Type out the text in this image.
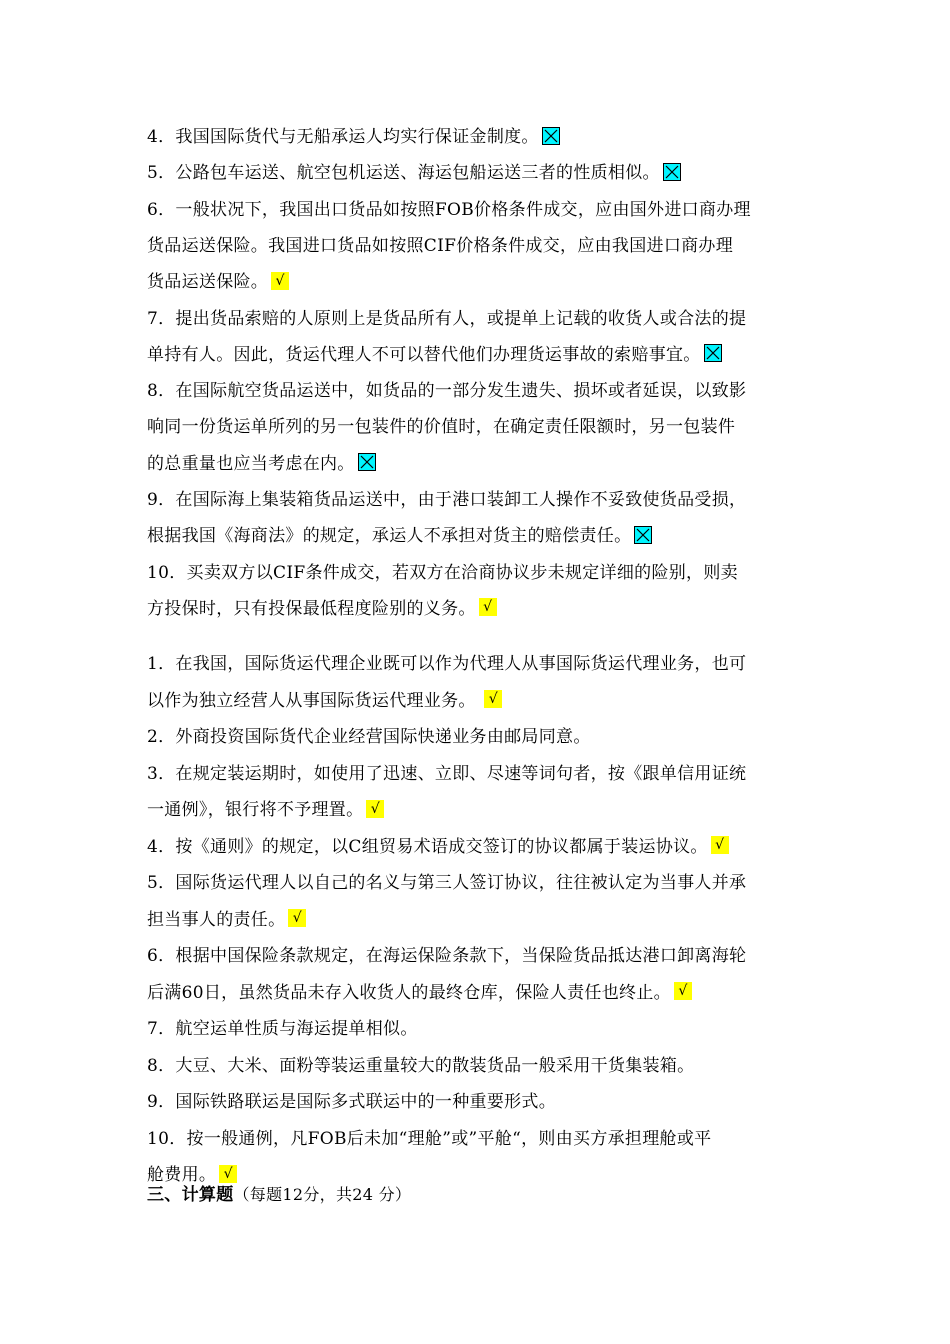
4．我国国际货代与无船承运人均实行保证金制度。
5．公路包车运送、航空包机运送、海运包船运送三者的性质相似。
6．一般状况下，我国出口货品如按照FOB价格条件成交，应由国外进口商办理
货品运送保险。我国进口货品如按照CIF价格条件成交，应由我国进口商办理
货品运送保险。 √
7．提出货品索赔的人原则上是货品所有人，或提单上记载的收货人或合法的提
单持有人。因此，货运代理人不可以替代他们办理货运事故的索赔事宜。
8．在国际航空货品运送中，如货品的一部分发生遗失、损坏或者延误，以致影
响同一份货运单所列的另一包装件的价值时，在确定责任限额时，另一包装件
的总重量也应当考虑在内。
9．在国际海上集装箱货品运送中，由于港口装卸工人操作不妥致使货品受损，
根据我国《海商法》的规定，承运人不承担对货主的赔偿责任。
10．买卖双方以CIF条件成交，若双方在洽商协议步未规定详细的险别，则卖
方投保时，只有投保最低程度险别的义务。 √
1．在我国，国际货运代理企业既可以作为代理人从事国际货运代理业务，也可
以作为独立经营人从事国际货运代理业务。 √
2．外商投资国际货代企业经营国际快递业务由邮局同意。
3．在规定装运期时，如使用了迅速、立即、尽速等词句者，按《跟单信用证统
一通例》，银行将不予理置。 √
4．按《通则》的规定，以C组贸易术语成交签订的协议都属于装运协议。 √
5．国际货运代理人以自己的名义与第三人签订协议，往往被认定为当事人并承
担当事人的责任。 √
6．根据中国保险条款规定，在海运保险条款下，当保险货品抵达港口卸离海轮
后满60日，虽然货品未存入收货人的最终仓库，保险人责任也终止。 √
7．航空运单性质与海运提单相似。
8．大豆、大米、面粉等装运重量较大的散装货品一般采用干货集装箱。
9．国际铁路联运是国际多式联运中的一种重要形式。
10．按一般通例，凡FOB后未加“理舱”或”平舱“，则由买方承担理舱或平
舱费用。 √
三、计算题（每题12分，共24 分）
